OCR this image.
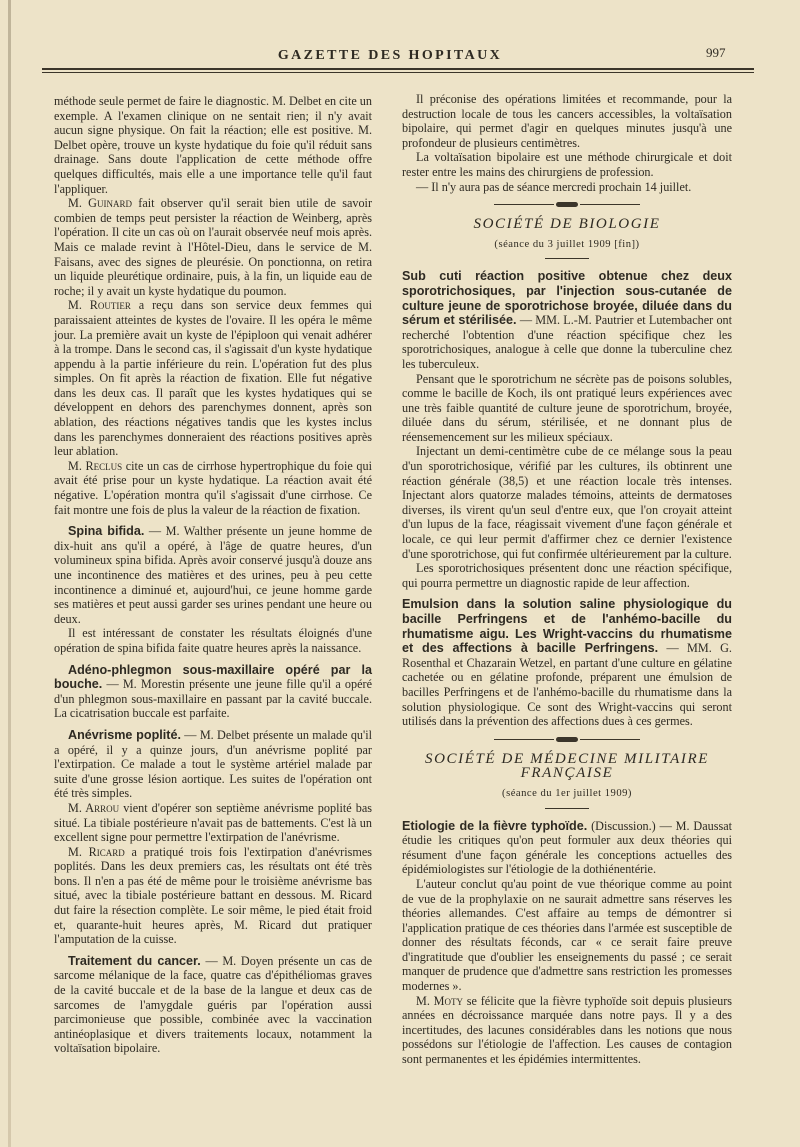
GAZETTE DES HOPITAUX	997

méthode seule permet de faire le diagnostic. M. Delbet en cite un exemple. A l'examen clinique on ne sentait rien; il n'y avait aucun signe physique. On fait la réaction; elle est positive. M. Delbet opère, trouve un kyste hydatique du foie qu'il réduit sans drainage. Sans doute l'application de cette méthode offre quelques difficultés, mais elle a une importance telle qu'il faut l'appliquer.

M. Guinard fait observer qu'il serait bien utile de savoir combien de temps peut persister la réaction de Weinberg, après l'opération. Il cite un cas où on l'aurait observée neuf mois après. Mais ce malade revint à l'Hôtel-Dieu, dans le service de M. Faisans, avec des signes de pleurésie. On ponctionna, on retira un liquide pleurétique ordinaire, puis, à la fin, un liquide eau de roche; il y avait un kyste hydatique du poumon.

M. Routier a reçu dans son service deux femmes qui paraissaient atteintes de kystes de l'ovaire. Il les opéra le même jour. La première avait un kyste de l'épiploon qui venait adhérer à la trompe. Dans le second cas, il s'agissait d'un kyste hydatique appendu à la partie inférieure du rein. L'opération fut des plus simples. On fit après la réaction de fixation. Elle fut négative dans les deux cas. Il paraît que les kystes hydatiques qui se développent en dehors des parenchymes donnent, après son ablation, des réactions négatives tandis que les kystes inclus dans les parenchymes donneraient des réactions positives après leur ablation.

M. Reclus cite un cas de cirrhose hypertrophique du foie qui avait été prise pour un kyste hydatique. La réaction avait été négative. L'opération montra qu'il s'agissait d'une cirrhose. Ce fait montre une fois de plus la valeur de la réaction de fixation.

Spina bifida. — M. Walther présente un jeune homme de dix-huit ans qu'il a opéré, à l'âge de quatre heures, d'un volumineux spina bifida. Après avoir conservé jusqu'à douze ans une incontinence des matières et des urines, peu à peu cette incontinence a diminué et, aujourd'hui, ce jeune homme garde ses matières et peut aussi garder ses urines pendant une heure ou deux.

Il est intéressant de constater les résultats éloignés d'une opération de spina bifida faite quatre heures après la naissance.

Adéno-phlegmon sous-maxillaire opéré par la bouche. — M. Morestin présente une jeune fille qu'il a opéré d'un phlegmon sous-maxillaire en passant par la cavité buccale. La cicatrisation buccale est parfaite.

Anévrisme poplité. — M. Delbet présente un malade qu'il a opéré, il y a quinze jours, d'un anévrisme poplité par l'extirpation. Ce malade a tout le système artériel malade par suite d'une grosse lésion aortique. Les suites de l'opération ont été très simples.

M. Arrou vient d'opérer son septième anévrisme poplité bas situé. La tibiale postérieure n'avait pas de battements. C'est là un excellent signe pour permettre l'extirpation de l'anévrisme.

M. Ricard a pratiqué trois fois l'extirpation d'anévrismes poplités. Dans les deux premiers cas, les résultats ont été très bons. Il n'en a pas été de même pour le troisième anévrisme bas situé, avec la tibiale postérieure battant en dessous. M. Ricard dut faire la résection complète. Le soir même, le pied était froid et, quarante-huit heures après, M. Ricard dut pratiquer l'amputation de la cuisse.

Traitement du cancer. — M. Doyen présente un cas de sarcome mélanique de la face, quatre cas d'épithéliomas graves de la cavité buccale et de la base de la langue et deux cas de sarcomes de l'amygdale guéris par l'opération aussi parcimonieuse que possible, combinée avec la vaccination antinéoplasique et divers traitements locaux, notamment la voltaïsation bipolaire.

Il préconise des opérations limitées et recommande, pour la destruction locale de tous les cancers accessibles, la voltaïsation bipolaire, qui permet d'agir en quelques minutes jusqu'à une profondeur de plusieurs centimètres.

La voltaïsation bipolaire est une méthode chirurgicale et doit rester entre les mains des chirurgiens de profession.

— Il n'y aura pas de séance mercredi prochain 14 juillet.

SOCIÉTÉ DE BIOLOGIE
(séance du 3 juillet 1909 [fin])

Sub cuti réaction positive obtenue chez deux sporotrichosiques, par l'injection sous-cutanée de culture jeune de sporotrichose broyée, diluée dans du sérum et stérilisée. — MM. L.-M. Pautrier et Lutembacher ont recherché l'obtention d'une réaction spécifique chez les sporotrichosiques, analogue à celle que donne la tuberculine chez les tuberculeux.

Pensant que le sporotrichum ne sécrète pas de poisons solubles, comme le bacille de Koch, ils ont pratiqué leurs expériences avec une très faible quantité de culture jeune de sporotrichum, broyée, diluée dans du sérum, stérilisée, et ne donnant plus de réensemencement sur les milieux spéciaux.

Injectant un demi-centimètre cube de ce mélange sous la peau d'un sporotrichosique, vérifié par les cultures, ils obtinrent une réaction générale (38,5) et une réaction locale très intenses. Injectant alors quatorze malades témoins, atteints de dermatoses diverses, ils virent qu'un seul d'entre eux, que l'on croyait atteint d'un lupus de la face, réagissait vivement d'une façon générale et locale, ce qui leur permit d'affirmer chez ce dernier l'existence d'une sporotrichose, qui fut confirmée ultérieurement par la culture.

Les sporotrichosiques présentent donc une réaction spécifique, qui pourra permettre un diagnostic rapide de leur affection.

Emulsion dans la solution saline physiologique du bacille Perfringens et de l'anhémo-bacille du rhumatisme aigu. Les Wright-vaccins du rhumatisme et des affections à bacille Perfringens. — MM. G. Rosenthal et Chazarain Wetzel, en partant d'une culture en gélatine cachetée ou en gélatine profonde, préparent une émulsion de bacilles Perfringens et de l'anhémo-bacille du rhumatisme dans la solution physiologique. Ce sont des Wright-vaccins qui seront utilisés dans la prévention des affections dues à ces germes.

SOCIÉTÉ DE MÉDECINE MILITAIRE FRANÇAISE
(séance du 1er juillet 1909)

Etiologie de la fièvre typhoïde. (Discussion.) — M. Daussat étudie les critiques qu'on peut formuler aux deux théories qui résument d'une façon générale les conceptions actuelles des épidémiologistes sur l'étiologie de la dothiénentérie.

L'auteur conclut qu'au point de vue théorique comme au point de vue de la prophylaxie on ne saurait admettre sans réserves les théories allemandes. C'est affaire au temps de démontrer si l'application pratique de ces théories dans l'armée est susceptible de donner des résultats féconds, car « ce serait faire preuve d'ingratitude que d'oublier les enseignements du passé ; ce serait manquer de prudence que d'admettre sans restriction les promesses modernes ».

M. Moty se félicite que la fièvre typhoïde soit depuis plusieurs années en décroissance marquée dans notre pays. Il y a des incertitudes, des lacunes considérables dans les notions que nous possédons sur l'étiologie de l'affection. Les causes de contagion sont permanentes et les épidémies intermittentes.
